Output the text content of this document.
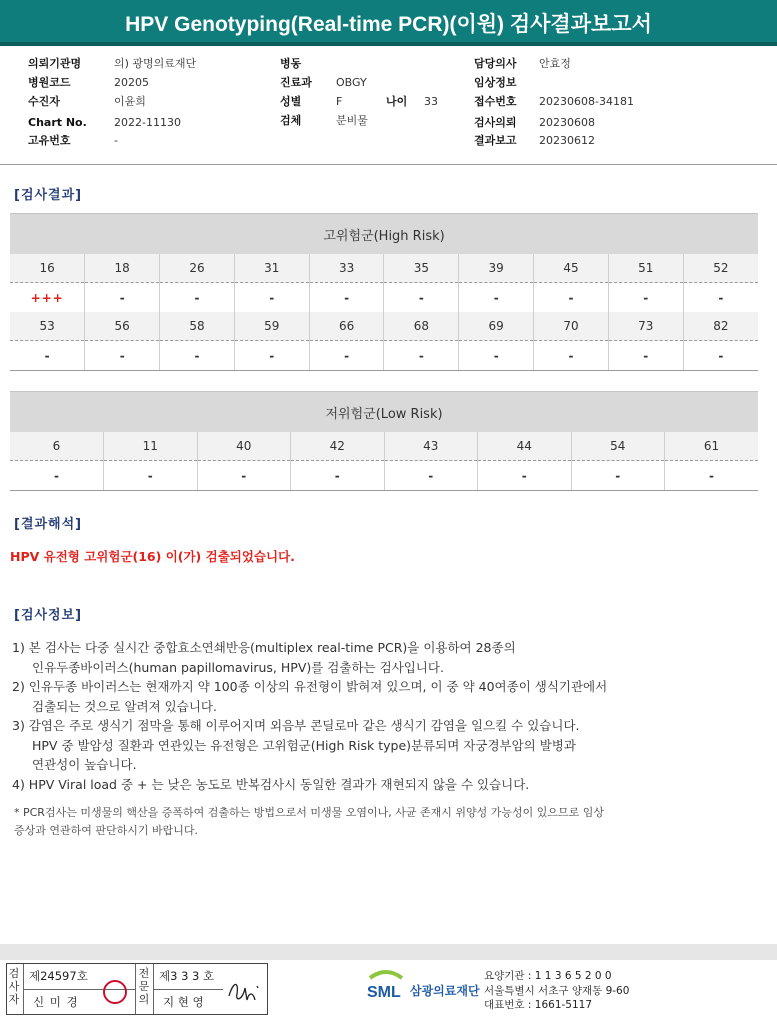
HPV Genotyping(Real-time PCR)(이원) 검사결과보고서
의뢰기관명	의) 광명의료재단
병원코드	20205
수진자	이윤희
Chart No. 2022-11130
고유번호	-
병동
진료과 OBGY
성별	F	나이 33
검체	분비물
담당의사 안효정
임상정보
접수번호 20230608-34181
검사의뢰 20230608
결과보고 20230612
[검사결과]
고위험군(High Risk)									
16	18	26	31	33	35	39	45	51	52
+++	-	-	-	-	-	-	-	-	-
53	56	58	59	66	68	69	70	73	82
-	-	-	-	-	-	-	-	-	-
저위험군(Low Risk)							
6	11	40	42	43	44	54	61
-	-	-	-	-	-	-	-
[결과해석]
HPV 유전형 고위험군(16) 이(가) 검출되었습니다.
[검사정보]
1) 본 검사는 다중 실시간 중합효소연쇄반응(multiplex real-time PCR)을 이용하여 28종의
인유두종바이러스(human papillomavirus, HPV)를 검출하는 검사입니다.
2) 인유두종 바이러스는 현재까지 약 100종 이상의 유전형이 밝혀져 있으며, 이 중 약 40여종이 생식기관에서
검출되는 것으로 알려져 있습니다.
3) 감염은 주로 생식기 점막을 통해 이루어지며 외음부 콘딜로마 같은 생식기 감염을 일으킬 수 있습니다.
HPV 중 발암성 질환과 연관있는 유전형은 고위험군(High Risk type)분류되며 자궁경부암의 발병과
연관성이 높습니다.
4) HPV Viral load 중 + 는 낮은 농도로 반복검사시 동일한 결과가 재현되지 않을 수 있습니다.
* PCR검사는 미생물의 핵산을 증폭하여 검출하는 방법으로서 미생물 오염이나, 사균 존재시 위양성 가능성이 있으므로 임상
증상과 연관하여 판단하시기 바랍니다.
검사자
제24597호
신 미 경
전문의
제3 3 3 호
지 현 영
SML 삼광의료재단
요양기관 : 1 1 3 6 5 2 0 0
서울특별시 서초구 양재동 9-60
대표번호 : 1661-5117
